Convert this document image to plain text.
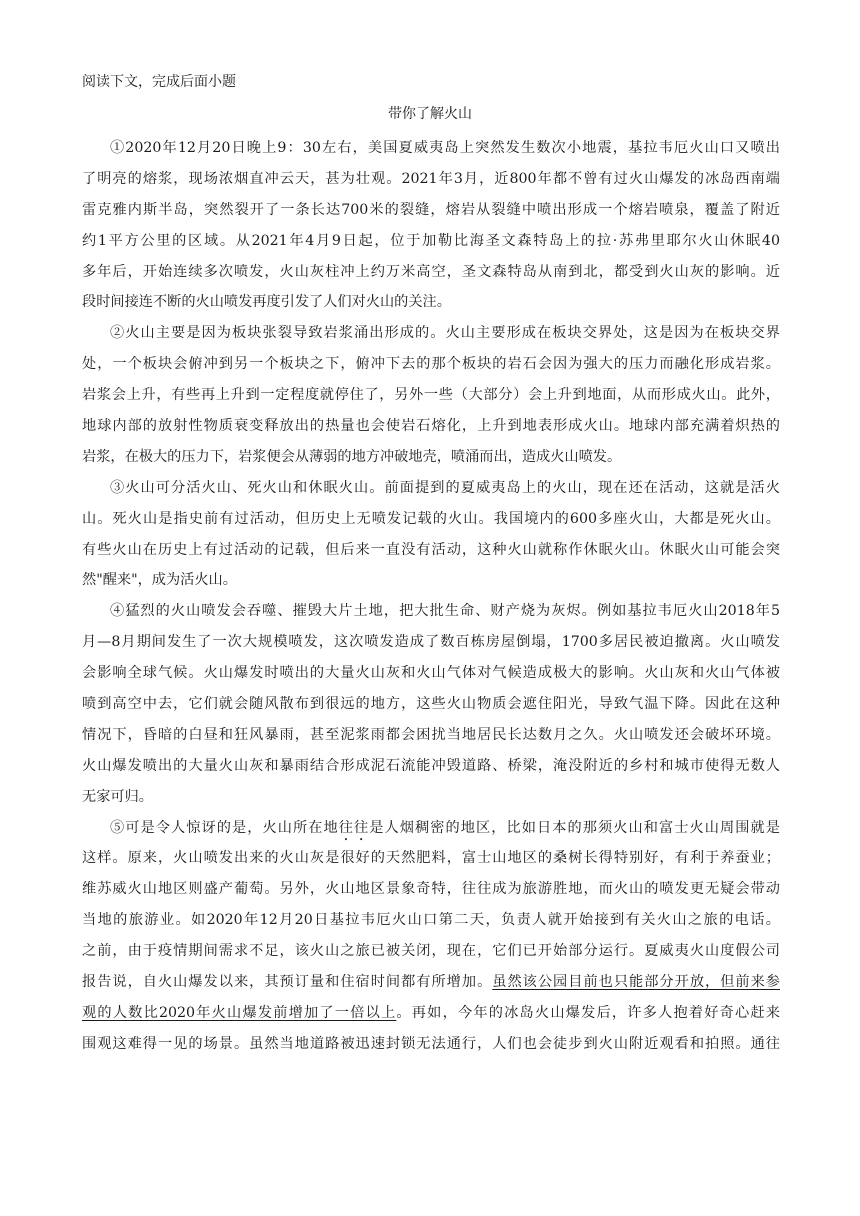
阅读下文，完成后面小题
带你了解火山
①2020年12月20日晚上9：30左右，美国夏威夷岛上突然发生数次小地震，基拉韦厄火山口又喷出
了明亮的熔浆，现场浓烟直冲云天，甚为壮观。2021年3月，近800年都不曾有过火山爆发的冰岛西南端
雷克雅内斯半岛，突然裂开了一条长达700米的裂缝，熔岩从裂缝中喷出形成一个熔岩喷泉，覆盖了附近
约1平方公里的区域。从2021年4月9日起，位于加勒比海圣文森特岛上的拉·苏弗里耶尔火山休眠40
多年后，开始连续多次喷发，火山灰柱冲上约万米高空，圣文森特岛从南到北，都受到火山灰的影响。近
段时间接连不断的火山喷发再度引发了人们对火山的关注。
②火山主要是因为板块张裂导致岩浆涌出形成的。火山主要形成在板块交界处，这是因为在板块交界
处，一个板块会俯冲到另一个板块之下，俯冲下去的那个板块的岩石会因为强大的压力而融化形成岩浆。
岩浆会上升，有些再上升到一定程度就停住了，另外一些（大部分）会上升到地面，从而形成火山。此外，
地球内部的放射性物质衰变释放出的热量也会使岩石熔化，上升到地表形成火山。地球内部充满着炽热的
岩浆，在极大的压力下，岩浆便会从薄弱的地方冲破地壳，喷涌而出，造成火山喷发。
③火山可分活火山、死火山和休眠火山。前面提到的夏威夷岛上的火山，现在还在活动，这就是活火
山。死火山是指史前有过活动，但历史上无喷发记载的火山。我国境内的600多座火山，大都是死火山。
有些火山在历史上有过活动的记载，但后来一直没有活动，这种火山就称作休眠火山。休眠火山可能会突
然"醒来"，成为活火山。
④猛烈的火山喷发会吞噬、摧毁大片土地，把大批生命、财产烧为灰烬。例如基拉韦厄火山2018年5
月—8月期间发生了一次大规模喷发，这次喷发造成了数百栋房屋倒塌，1700多居民被迫撤离。火山喷发
会影响全球气候。火山爆发时喷出的大量火山灰和火山气体对气候造成极大的影响。火山灰和火山气体被
喷到高空中去，它们就会随风散布到很远的地方，这些火山物质会遮住阳光，导致气温下降。因此在这种
情况下，昏暗的白昼和狂风暴雨，甚至泥浆雨都会困扰当地居民长达数月之久。火山喷发还会破坏环境。
火山爆发喷出的大量火山灰和暴雨结合形成泥石流能冲毁道路、桥梁，淹没附近的乡村和城市使得无数人
无家可归。
⑤可是令人惊讶的是，火山所在地往往是人烟稠密的地区，比如日本的那须火山和富士火山周围就是
这样。原来，火山喷发出来的火山灰是很好的天然肥料，富士山地区的桑树长得特别好，有利于养蚕业；
维苏威火山地区则盛产葡萄。另外，火山地区景象奇特，往往成为旅游胜地，而火山的喷发更无疑会带动
当地的旅游业。如2020年12月20日基拉韦厄火山口第二天，负责人就开始接到有关火山之旅的电话。
之前，由于疫情期间需求不足，该火山之旅已被关闭，现在，它们已开始部分运行。夏威夷火山度假公司
报告说，自火山爆发以来，其预订量和住宿时间都有所增加。虽然该公园目前也只能部分开放，但前来参
观的人数比2020年火山爆发前增加了一倍以上。再如，今年的冰岛火山爆发后，许多人抱着好奇心赶来
围观这难得一见的场景。虽然当地道路被迅速封锁无法通行，人们也会徒步到火山附近观看和拍照。通往
